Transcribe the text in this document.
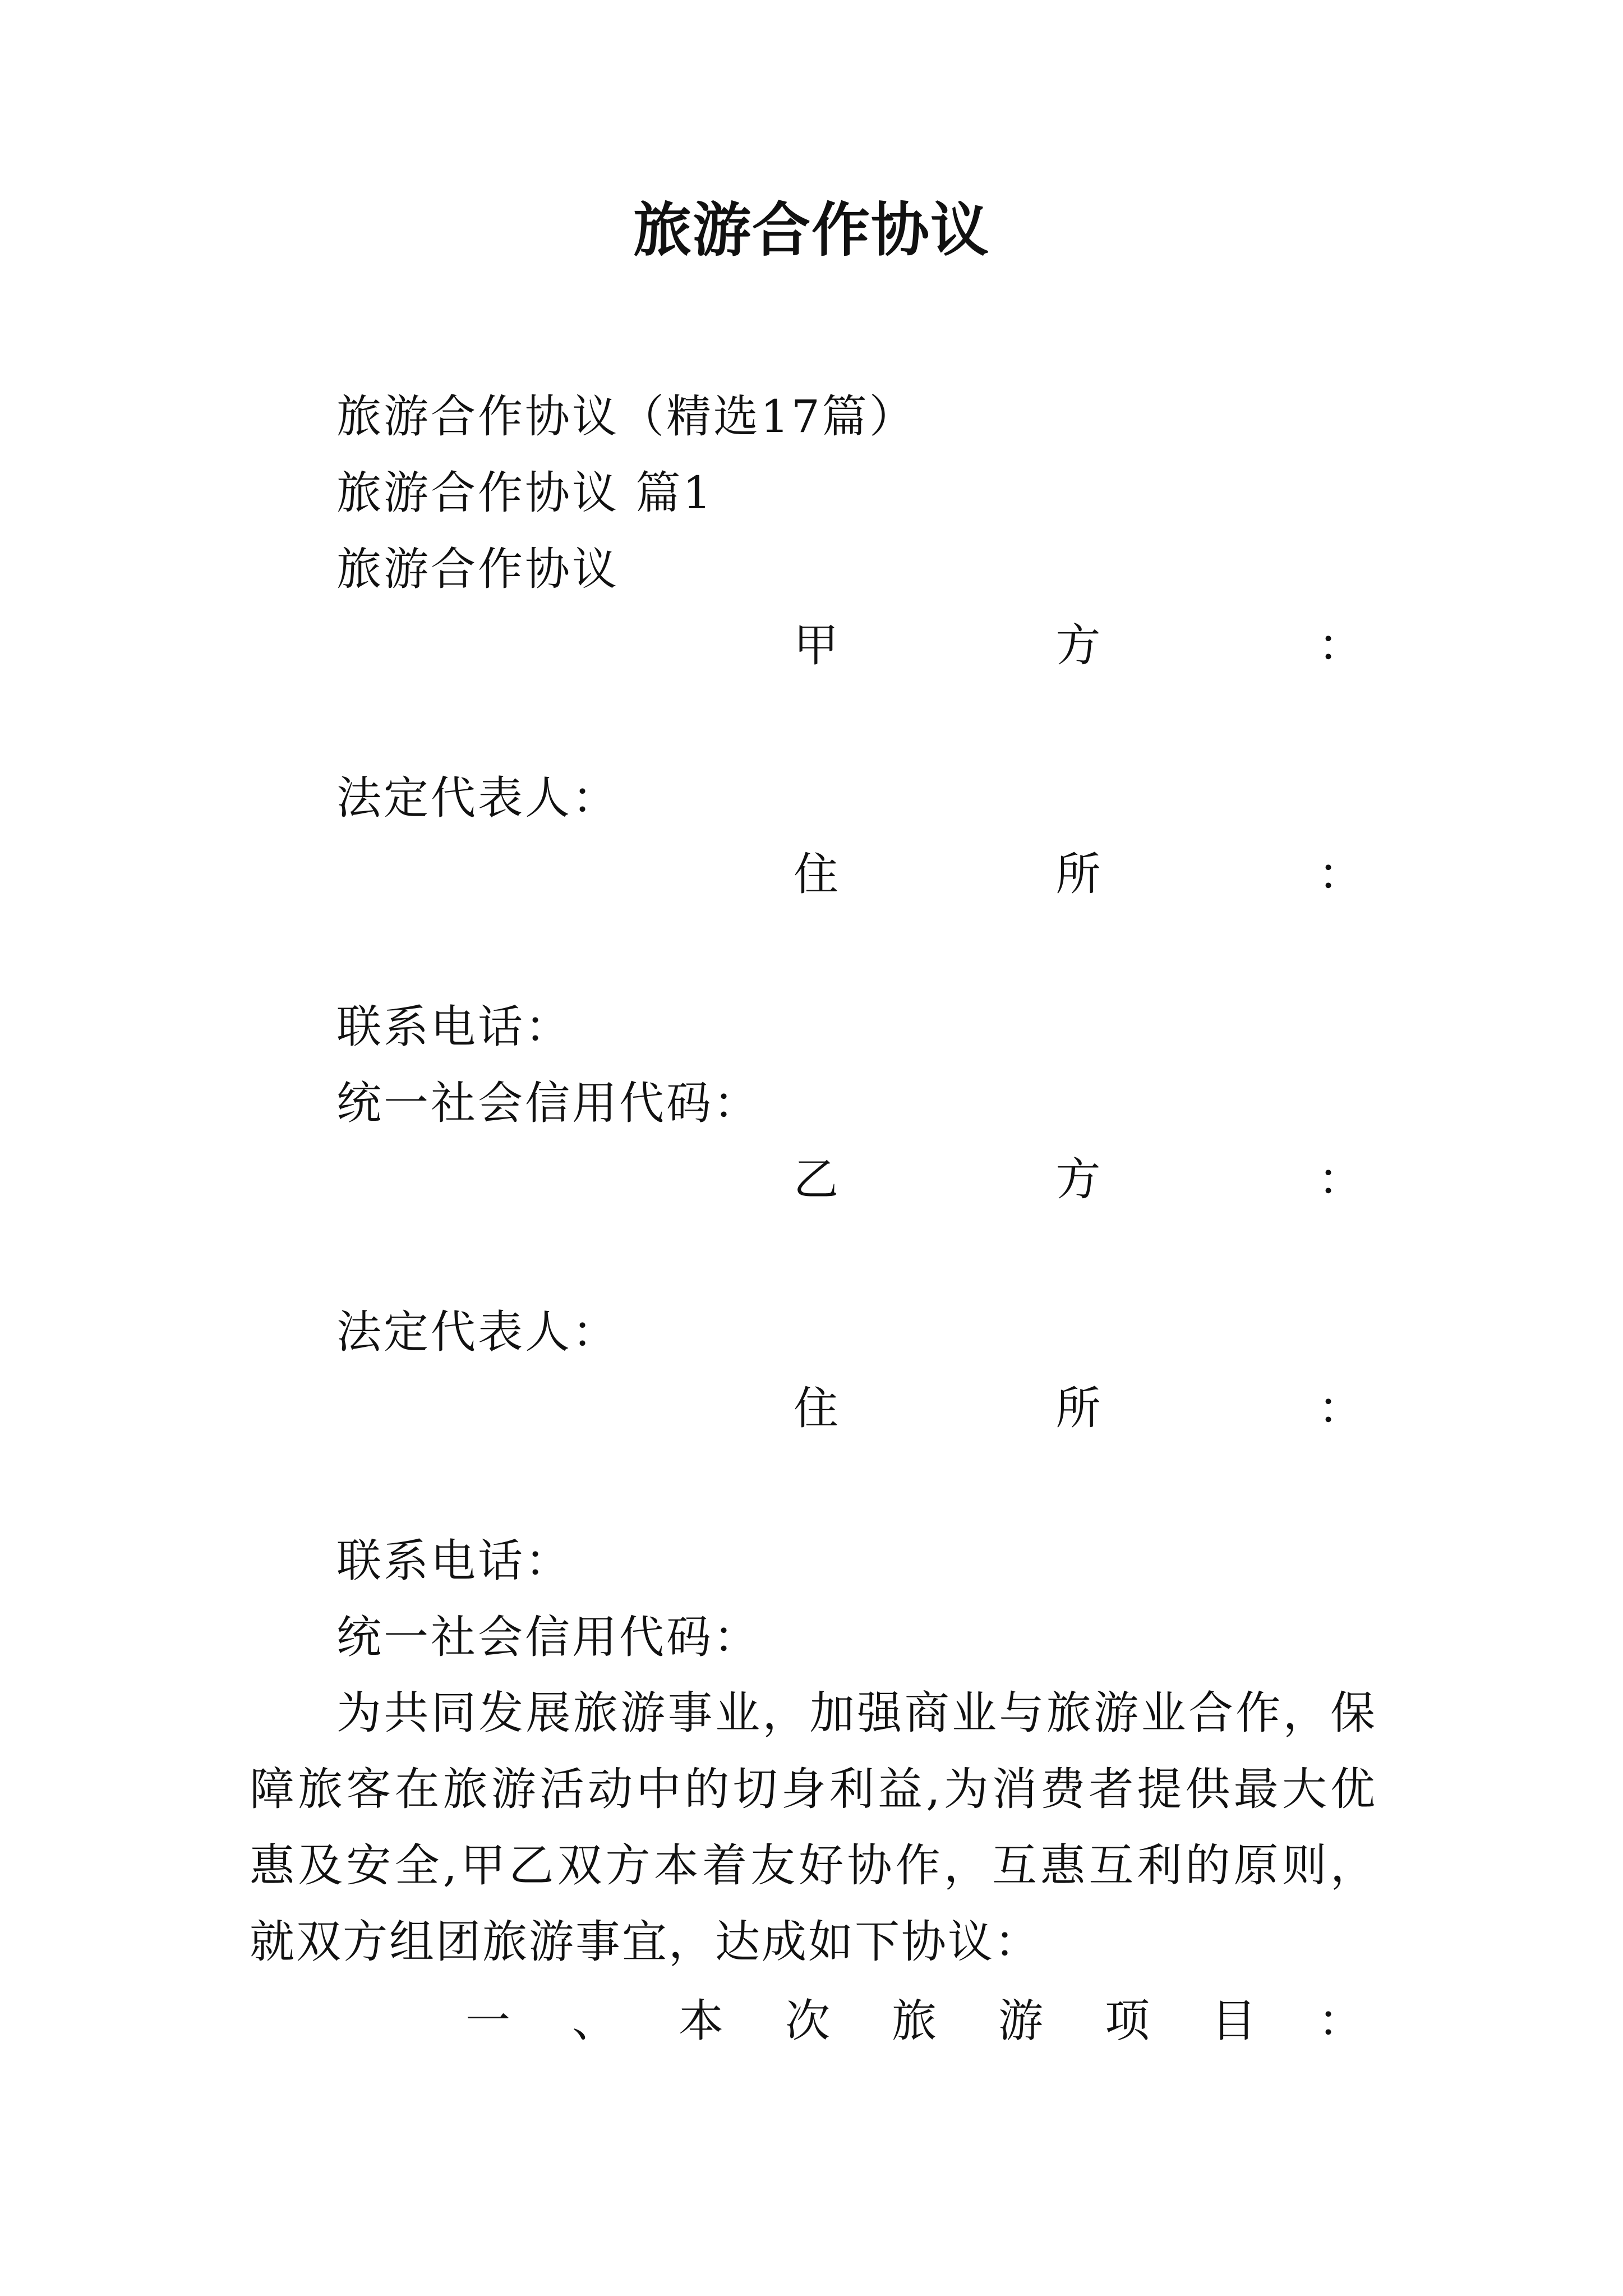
旅游合作协议
旅游合作协议（精选17篇）
旅游合作协议 篇1
旅游合作协议
甲	方	：
法定代表人：
住	所	：
联系电话：
统一社会信用代码：
乙	方	：
法定代表人：
住	所	：
联系电话：
统一社会信用代码：
为共同发展旅游事业，加强商业与旅游业合作，保障旅客在旅游活动中的切身利益,为消费者提供最大优惠及安全,甲乙双方本着友好协作，互惠互利的原则，就双方组团旅游事宜，达成如下协议：
一 、 本 次 旅 游 项 目 ：
